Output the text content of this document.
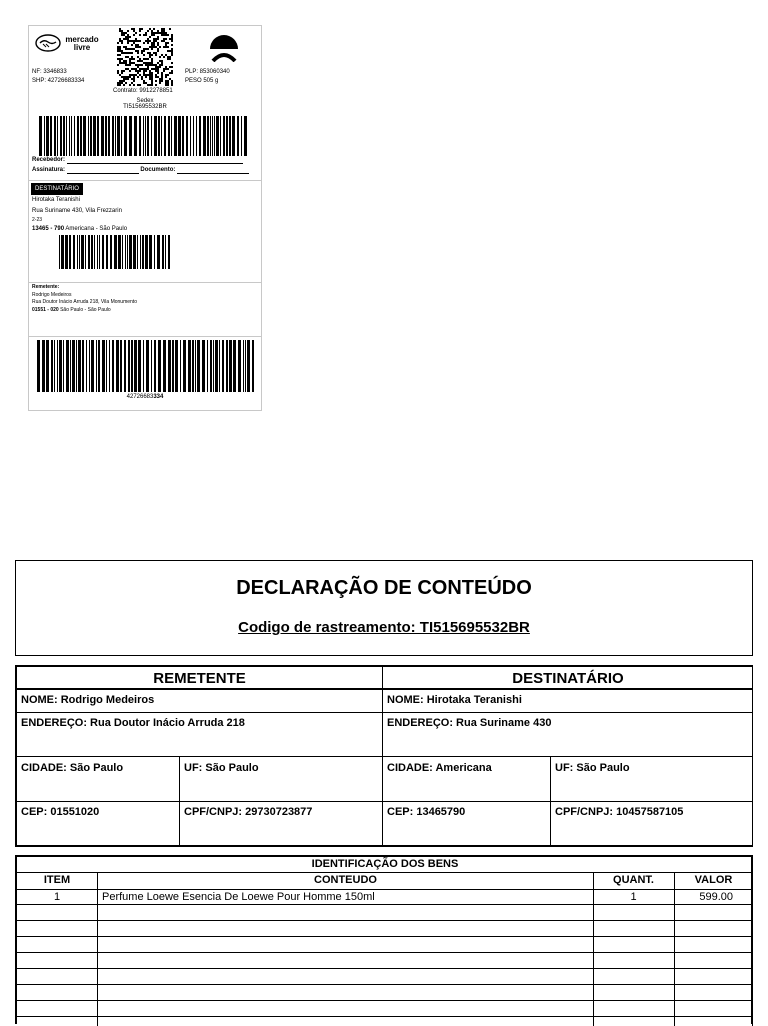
mercado
livre
NF: 3346833
SHP: 42726683334
PLP: 853060340
PESO 505 g
Contrato: 9912278851
Sedex
TI515695532BR
Recebedor:
Assinatura:	Documento:
DESTINATÁRIO
Hirotaka Teranishi
Rua Suriname 430, Vila Frezzarin
2-23
13465 - 790 Americana - São Paulo
Remetente:
Rodrigo Medeiros
Rua Doutor Inácio Arruda 218, Vila Monumento
01551 - 020 São Paulo - São Paulo
42726683334
DECLARAÇÃO DE CONTEÚDO
Codigo de rastreamento: TI515695532BR
REMETENTE	DESTINATÁRIO
NOME: Rodrigo Medeiros	NOME: Hirotaka Teranishi
ENDEREÇO: Rua Doutor Inácio Arruda 218	ENDEREÇO: Rua Suriname 430
CIDADE: São Paulo	UF: São Paulo	CIDADE: Americana	UF: São Paulo
CEP: 01551020	CPF/CNPJ: 29730723877	CEP: 13465790	CPF/CNPJ: 10457587105
IDENTIFICAÇÃO DOS BENS
ITEM	CONTEUDO	QUANT.	VALOR
1	Perfume Loewe Esencia De Loewe Pour Homme 150ml	1	599.00
